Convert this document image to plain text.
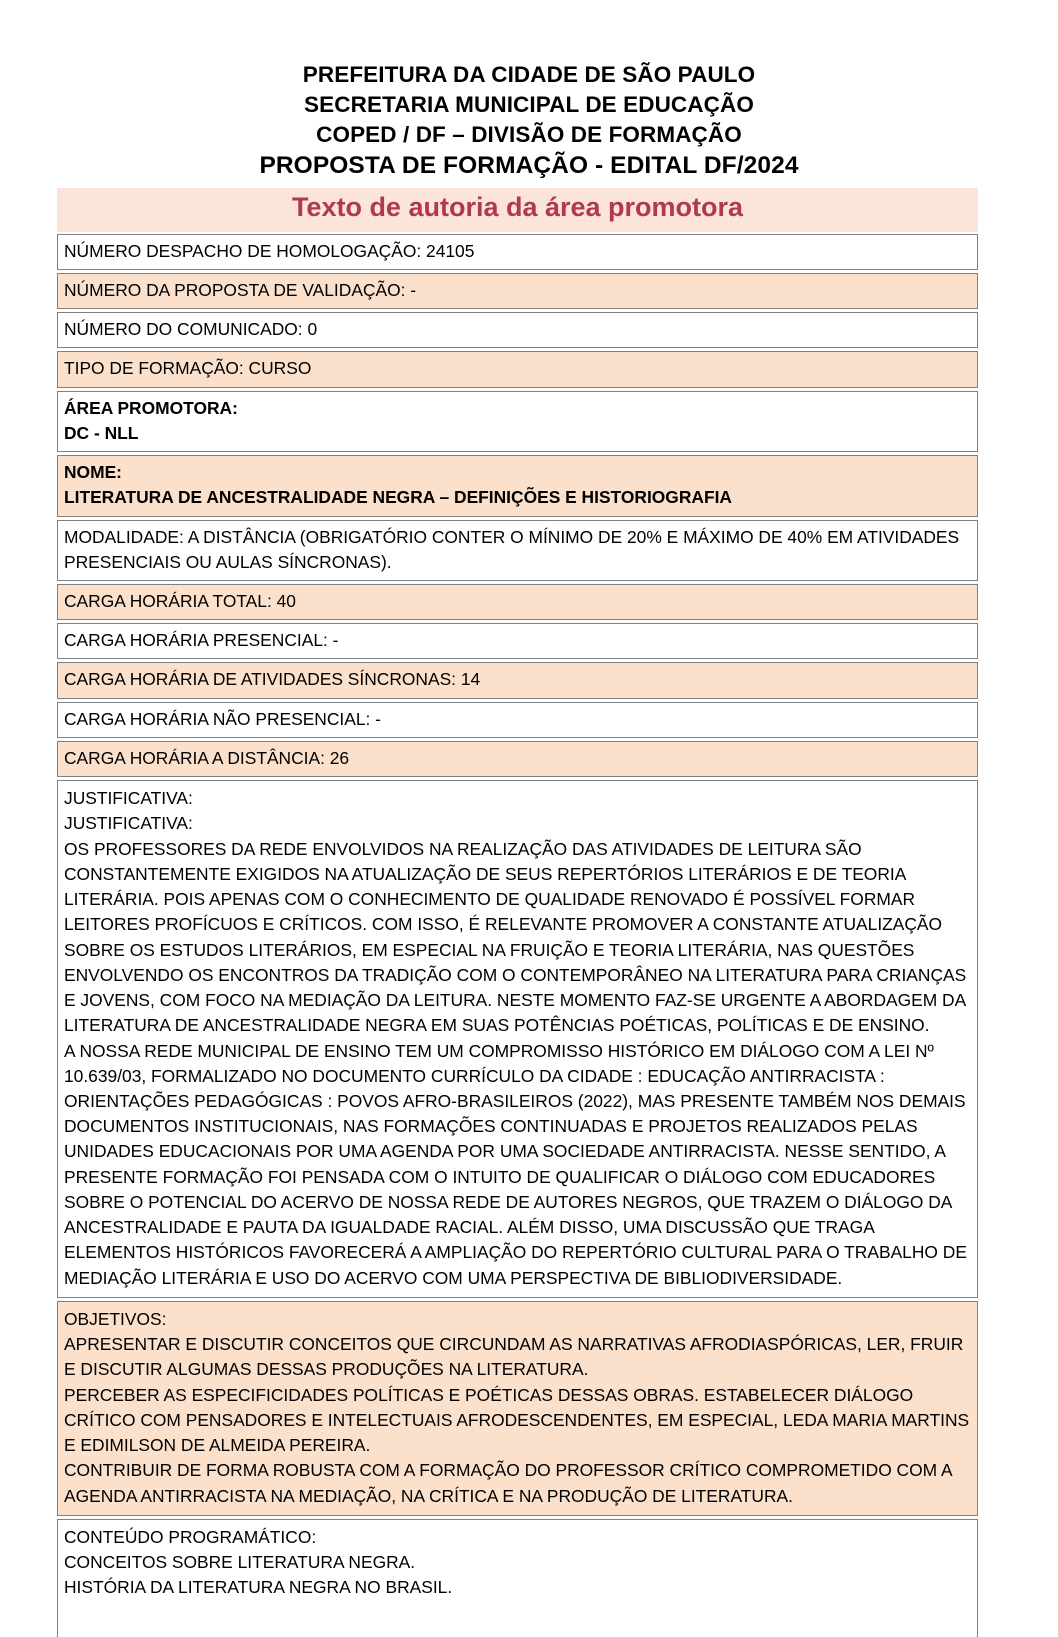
PREFEITURA DA CIDADE DE SÃO PAULO
SECRETARIA MUNICIPAL DE EDUCAÇÃO
COPED / DF – DIVISÃO DE FORMAÇÃO
PROPOSTA DE FORMAÇÃO - EDITAL DF/2024
Texto de autoria da área promotora

NÚMERO DESPACHO DE HOMOLOGAÇÃO: 24105

NÚMERO DA PROPOSTA DE VALIDAÇÃO: -

NÚMERO DO COMUNICADO: 0

TIPO DE FORMAÇÃO: CURSO

ÁREA PROMOTORA:

DC - NLL

NOME:

LITERATURA DE ANCESTRALIDADE NEGRA – DEFINIÇÕES E HISTORIOGRAFIA

MODALIDADE: A DISTÂNCIA (OBRIGATÓRIO CONTER O MÍNIMO DE 20% E MÁXIMO DE 40% EM ATIVIDADES PRESENCIAIS OU AULAS SÍNCRONAS).

CARGA HORÁRIA TOTAL: 40

CARGA HORÁRIA PRESENCIAL: -

CARGA HORÁRIA DE ATIVIDADES SÍNCRONAS: 14

CARGA HORÁRIA NÃO PRESENCIAL: -

CARGA HORÁRIA A DISTÂNCIA: 26

JUSTIFICATIVA:

JUSTIFICATIVA:

OS PROFESSORES DA REDE ENVOLVIDOS NA REALIZAÇÃO DAS ATIVIDADES DE LEITURA SÃO CONSTANTEMENTE EXIGIDOS NA ATUALIZAÇÃO DE SEUS REPERTÓRIOS LITERÁRIOS E DE TEORIA LITERÁRIA. POIS APENAS COM O CONHECIMENTO DE QUALIDADE RENOVADO É POSSÍVEL FORMAR LEITORES PROFÍCUOS E CRÍTICOS. COM ISSO, É RELEVANTE PROMOVER A CONSTANTE ATUALIZAÇÃO SOBRE OS ESTUDOS LITERÁRIOS, EM ESPECIAL NA FRUIÇÃO E TEORIA LITERÁRIA, NAS QUESTÕES ENVOLVENDO OS ENCONTROS DA TRADIÇÃO COM O CONTEMPORÂNEO NA LITERATURA PARA CRIANÇAS E JOVENS, COM FOCO NA MEDIAÇÃO DA LEITURA. NESTE MOMENTO FAZ-SE URGENTE A ABORDAGEM DA LITERATURA DE ANCESTRALIDADE NEGRA EM SUAS POTÊNCIAS POÉTICAS, POLÍTICAS E DE ENSINO.

A NOSSA REDE MUNICIPAL DE ENSINO TEM UM COMPROMISSO HISTÓRICO EM DIÁLOGO COM A LEI Nº 10.639/03, FORMALIZADO NO DOCUMENTO CURRÍCULO DA CIDADE : EDUCAÇÃO ANTIRRACISTA : ORIENTAÇÕES PEDAGÓGICAS : POVOS AFRO-BRASILEIROS (2022), MAS PRESENTE TAMBÉM NOS DEMAIS DOCUMENTOS INSTITUCIONAIS, NAS FORMAÇÕES CONTINUADAS E PROJETOS REALIZADOS PELAS UNIDADES EDUCACIONAIS POR UMA AGENDA POR UMA SOCIEDADE ANTIRRACISTA. NESSE SENTIDO, A PRESENTE FORMAÇÃO FOI PENSADA COM O INTUITO DE QUALIFICAR O DIÁLOGO COM EDUCADORES SOBRE O POTENCIAL DO ACERVO DE NOSSA REDE DE AUTORES NEGROS, QUE TRAZEM O DIÁLOGO DA ANCESTRALIDADE E PAUTA DA IGUALDADE RACIAL. ALÉM DISSO, UMA DISCUSSÃO QUE TRAGA ELEMENTOS HISTÓRICOS FAVORECERÁ A AMPLIAÇÃO DO REPERTÓRIO CULTURAL PARA O TRABALHO DE MEDIAÇÃO LITERÁRIA E USO DO ACERVO COM UMA PERSPECTIVA DE BIBLIODIVERSIDADE.

OBJETIVOS:

APRESENTAR E DISCUTIR CONCEITOS QUE CIRCUNDAM AS NARRATIVAS AFRODIASPÓRICAS, LER, FRUIR E DISCUTIR ALGUMAS DESSAS PRODUÇÕES NA LITERATURA.

PERCEBER AS ESPECIFICIDADES POLÍTICAS E POÉTICAS DESSAS OBRAS. ESTABELECER DIÁLOGO CRÍTICO COM PENSADORES E INTELECTUAIS AFRODESCENDENTES, EM ESPECIAL, LEDA MARIA MARTINS E EDIMILSON DE ALMEIDA PEREIRA.

CONTRIBUIR DE FORMA ROBUSTA COM A FORMAÇÃO DO PROFESSOR CRÍTICO COMPROMETIDO COM A AGENDA ANTIRRACISTA NA MEDIAÇÃO, NA CRÍTICA E NA PRODUÇÃO DE LITERATURA.

CONTEÚDO PROGRAMÁTICO:

CONCEITOS SOBRE LITERATURA NEGRA.

HISTÓRIA DA LITERATURA NEGRA NO BRASIL.
